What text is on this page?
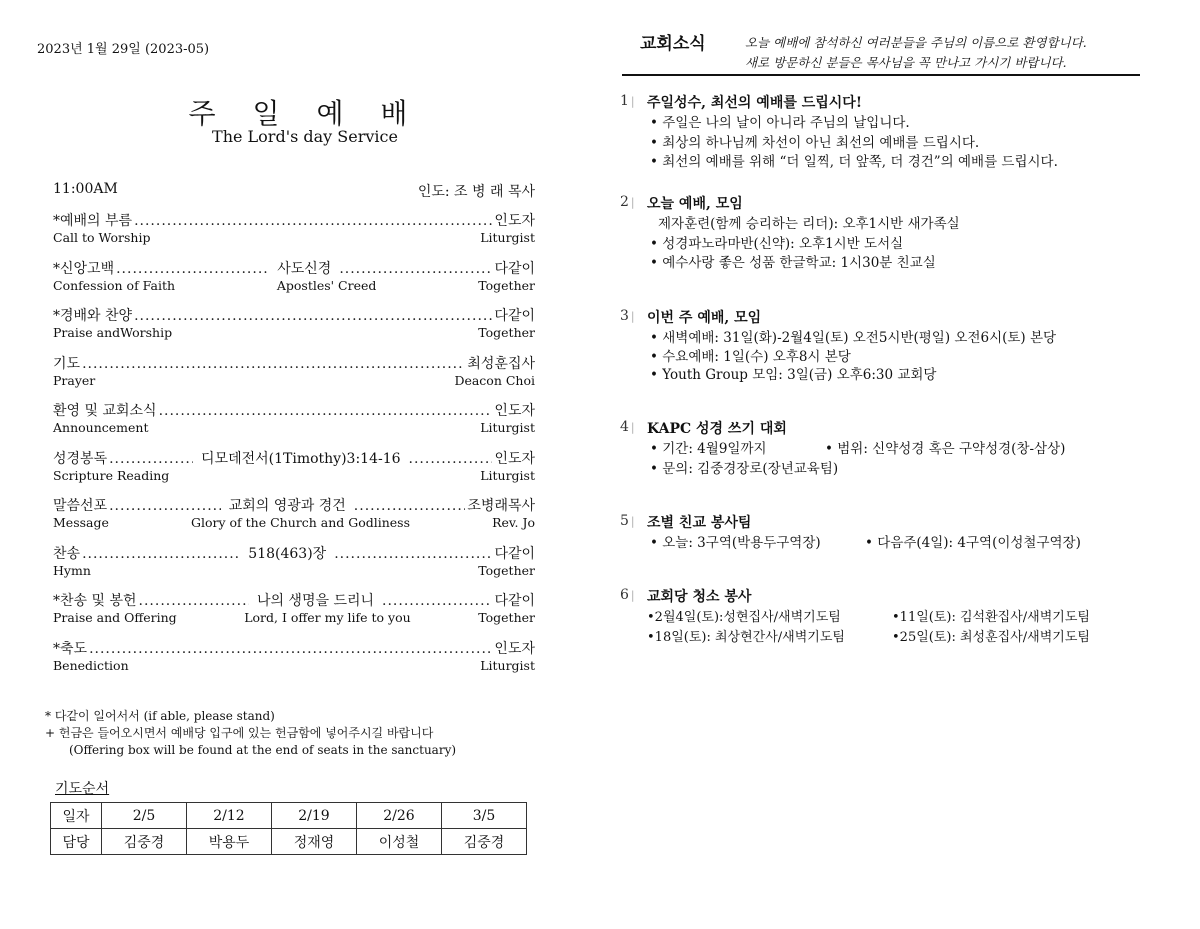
2023년 1월 29일 (2023-05)
주 일 예 배
The Lord's day Service
11:00AM	인도: 조 병 래 목사
*예배의 부름 .....	인도자
Call to Worship	Liturgist
*신앙고백 .....	사도신경 .....	다같이
Confession of Faith	Apostles' Creed	Together
*경배와 찬양 .....	다같이
Praise andWorship	Together
기도 .....	최성훈집사
Prayer	Deacon Choi
환영 및 교회소식 .....	인도자
Announcement	Liturgist
성경봉독 .....	디모데전서(1Timothy)3:14-16 .....	인도자
Scripture Reading	Liturgist
말씀선포 .....	교회의 영광과 경건 .....	조병래목사
Message	Glory of the Church and Godliness	Rev. Jo
찬송 .....	518(463)장 .....	다같이
Hymn	Together
*찬송 및 봉헌 .....	나의 생명을 드리니 .....	다같이
Praise and Offering	Lord, I offer my life to you	Together
*축도 .....	인도자
Benediction	Liturgist
* 다같이 일어서서 (if able, please stand)
+ 헌금은 들어오시면서 예배당 입구에 있는 헌금함에 넣어주시길 바랍니다
(Offering box will be found at the end of seats in the sanctuary)
기도순서
일자	2/5	2/12	2/19	2/26	3/5
담당	김중경	박용두	정재영	이성철	김중경
교회소식	오늘 예배에 참석하신 여러분들을 주님의 이름으로 환영합니다.
새로 방문하신 분들은 목사님을 꼭 만나고 가시기 바랍니다.
1 |	주일성수, 최선의 예배를 드립시다!
• 주일은 나의 날이 아니라 주님의 날입니다.
• 최상의 하나님께 차선이 아닌 최선의 예배를 드립시다.
• 최선의 예배를 위해 “더 일찍, 더 앞쪽, 더 경건”의 예배를 드립시다.
2 |	오늘 예배, 모임
제자훈련(함께 승리하는 리더): 오후1시반 새가족실
• 성경파노라마반(신약): 오후1시반 도서실
• 예수사랑 좋은 성품 한글학교: 1시30분 친교실
3 |	이번 주 예배, 모임
• 새벽예배: 31일(화)-2월4일(토) 오전5시반(평일) 오전6시(토) 본당
• 수요예배: 1일(수) 오후8시 본당
• Youth Group 모임: 3일(금) 오후6:30 교회당
4 |	KAPC 성경 쓰기 대회
• 기간: 4월9일까지	• 범위: 신약성경 혹은 구약성경(창-삼상)
• 문의: 김중경장로(장년교육팀)
5 |	조별 친교 봉사팀
• 오늘: 3구역(박용두구역장)	• 다음주(4일): 4구역(이성철구역장)
6 |	교회당 청소 봉사
•2월4일(토):성현집사/새벽기도팀	•11일(토): 김석환집사/새벽기도팀
•18일(토): 최상현간사/새벽기도팀	•25일(토): 최성훈집사/새벽기도팀
